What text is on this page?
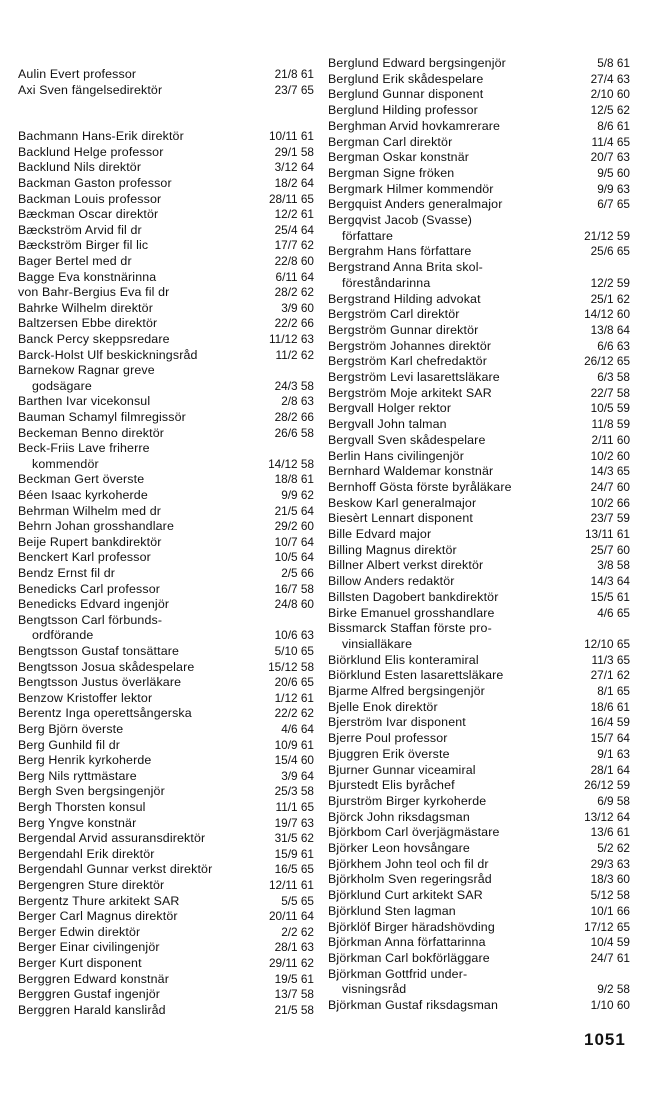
Aulin Evert professor	21/8 61
Axi Sven fängelsedirektör	23/7 65
Bachmann Hans-Erik direktör	10/11 61
Backlund Helge professor	29/1 58
Backlund Nils direktör	3/12 64
Backman Gaston professor	18/2 64
Backman Louis professor	28/11 65
Bæckman Oscar direktör	12/2 61
Bæckström Arvid fil dr	25/4 64
Bæckström Birger fil lic	17/7 62
Bager Bertel med dr	22/8 60
Bagge Eva konstnärinna	6/11 64
von Bahr-Bergius Eva fil dr	28/2 62
Bahrke Wilhelm direktör	3/9 60
Baltzersen Ebbe direktör	22/2 66
Banck Percy skeppsredare	11/12 63
Barck-Holst Ulf beskickningsråd	11/2 62
Barnekow Ragnar greve
godsägare	24/3 58
Barthen Ivar vicekonsul	2/8 63
Bauman Schamyl filmregissör	28/2 66
Beckeman Benno direktör	26/6 58
Beck-Friis Lave friherre
kommendör	14/12 58
Beckman Gert överste	18/8 61
Béen Isaac kyrkoherde	9/9 62
Behrman Wilhelm med dr	21/5 64
Behrn Johan grosshandlare	29/2 60
Beije Rupert bankdirektör	10/7 64
Benckert Karl professor	10/5 64
Bendz Ernst fil dr	2/5 66
Benedicks Carl professor	16/7 58
Benedicks Edvard ingenjör	24/8 60
Bengtsson Carl förbunds-
ordförande	10/6 63
Bengtsson Gustaf tonsättare	5/10 65
Bengtsson Josua skådespelare	15/12 58
Bengtsson Justus överläkare	20/6 65
Benzow Kristoffer lektor	1/12 61
Berentz Inga operettsångerska	22/2 62
Berg Björn överste	4/6 64
Berg Gunhild fil dr	10/9 61
Berg Henrik kyrkoherde	15/4 60
Berg Nils ryttmästare	3/9 64
Bergh Sven bergsingenjör	25/3 58
Bergh Thorsten konsul	11/1 65
Berg Yngve konstnär	19/7 63
Bergendal Arvid assuransdirektör	31/5 62
Bergendahl Erik direktör	15/9 61
Bergendahl Gunnar verkst direktör	16/5 65
Bergengren Sture direktör	12/11 61
Bergentz Thure arkitekt SAR	5/5 65
Berger Carl Magnus direktör	20/11 64
Berger Edwin direktör	2/2 62
Berger Einar civilingenjör	28/1 63
Berger Kurt disponent	29/11 62
Berggren Edward konstnär	19/5 61
Berggren Gustaf ingenjör	13/7 58
Berggren Harald kansliråd	21/5 58
Berglund Edward bergsingenjör	5/8 61
Berglund Erik skådespelare	27/4 63
Berglund Gunnar disponent	2/10 60
Berglund Hilding professor	12/5 62
Berghman Arvid hovkamrerare	8/6 61
Bergman Carl direktör	11/4 65
Bergman Oskar konstnär	20/7 63
Bergman Signe fröken	9/5 60
Bergmark Hilmer kommendör	9/9 63
Bergquist Anders generalmajor	6/7 65
Bergqvist Jacob (Svasse)
författare	21/12 59
Bergrahm Hans författare	25/6 65
Bergstrand Anna Brita skol-
föreståndarinna	12/2 59
Bergstrand Hilding advokat	25/1 62
Bergström Carl direktör	14/12 60
Bergström Gunnar direktör	13/8 64
Bergström Johannes direktör	6/6 63
Bergström Karl chefredaktör	26/12 65
Bergström Levi lasarettsläkare	6/3 58
Bergström Moje arkitekt SAR	22/7 58
Bergvall Holger rektor	10/5 59
Bergvall John talman	11/8 59
Bergvall Sven skådespelare	2/11 60
Berlin Hans civilingenjör	10/2 60
Bernhard Waldemar konstnär	14/3 65
Bernhoff Gösta förste byråläkare	24/7 60
Beskow Karl generalmajor	10/2 66
Biesèrt Lennart disponent	23/7 59
Bille Edvard major	13/11 61
Billing Magnus direktör	25/7 60
Billner Albert verkst direktör	3/8 58
Billow Anders redaktör	14/3 64
Billsten Dagobert bankdirektör	15/5 61
Birke Emanuel grosshandlare	4/6 65
Bissmarck Staffan förste pro-
vinsialläkare	12/10 65
Biörklund Elis konteramiral	11/3 65
Biörklund Esten lasarettsläkare	27/1 62
Bjarme Alfred bergsingenjör	8/1 65
Bjelle Enok direktör	18/6 61
Bjerström Ivar disponent	16/4 59
Bjerre Poul professor	15/7 64
Bjuggren Erik överste	9/1 63
Bjurner Gunnar viceamiral	28/1 64
Bjurstedt Elis byråchef	26/12 59
Bjurström Birger kyrkoherde	6/9 58
Björck John riksdagsman	13/12 64
Björkbom Carl överjägmästare	13/6 61
Björker Leon hovsångare	5/2 62
Björkhem John teol och fil dr	29/3 63
Björkholm Sven regeringsråd	18/3 60
Björklund Curt arkitekt SAR	5/12 58
Björklund Sten lagman	10/1 66
Björklöf Birger häradshövding	17/12 65
Björkman Anna författarinna	10/4 59
Björkman Carl bokförläggare	24/7 61
Björkman Gottfrid under-
visningsråd	9/2 58
Björkman Gustaf riksdagsman	1/10 60
1051
